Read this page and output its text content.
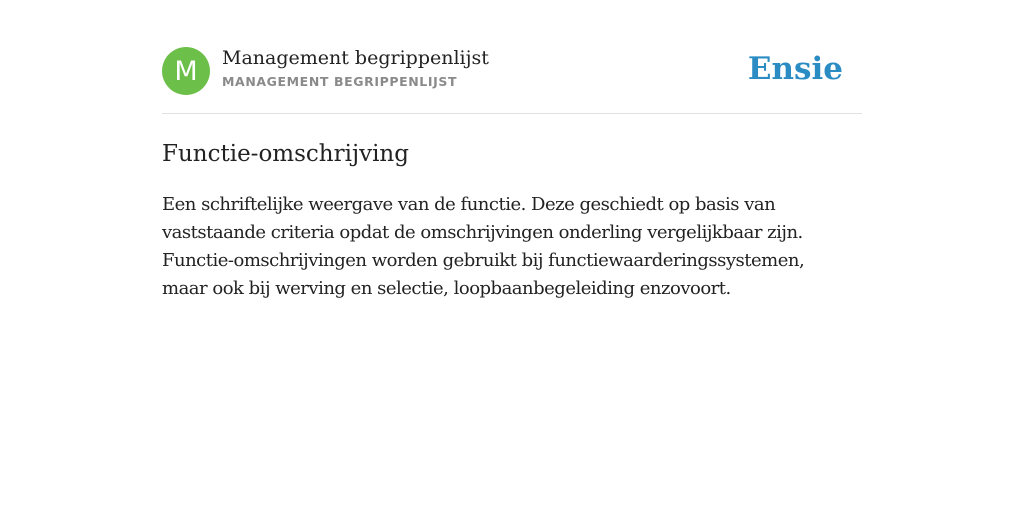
M Management begrippenlijst
MANAGEMENT BEGRIPPENLIJST	Ensie
Functie-omschrijving

Een schriftelijke weergave van de functie. Deze geschiedt op basis van vaststaande criteria opdat de omschrijvingen onderling vergelijkbaar zijn. Functie-omschrijvingen worden gebruikt bij functiewaarderingssystemen, maar ook bij werving en selectie, loopbaanbegeleiding enzovoort.
